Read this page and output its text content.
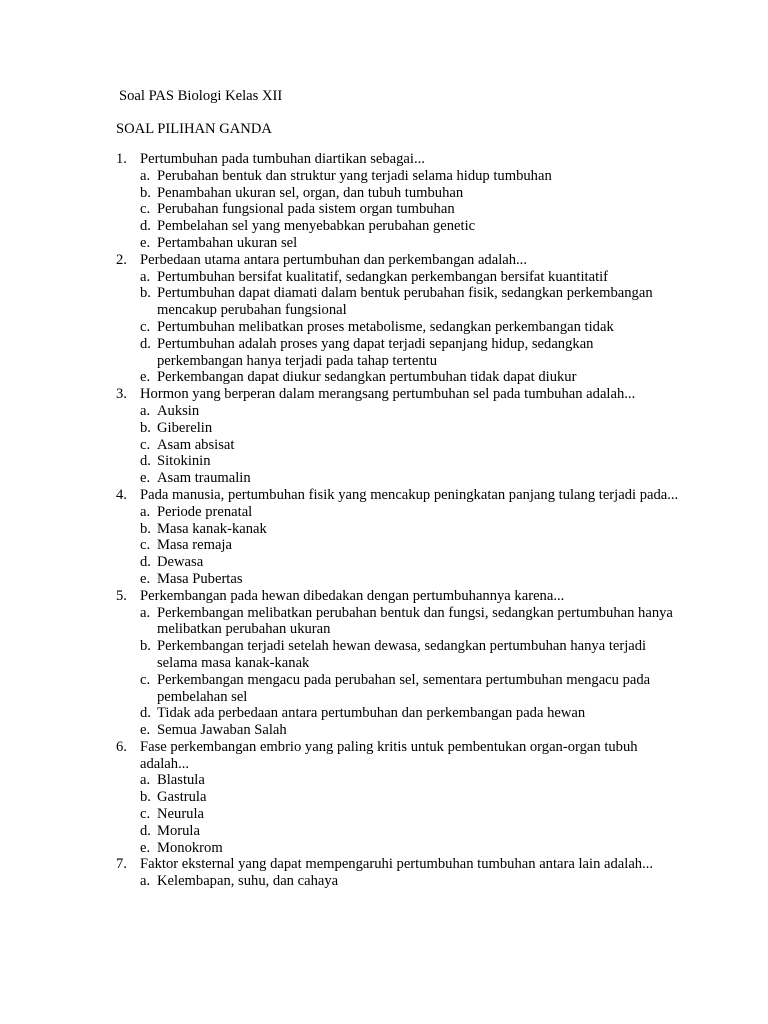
Soal PAS Biologi Kelas XII
SOAL PILIHAN GANDA
1. Pertumbuhan pada tumbuhan diartikan sebagai...
a. Perubahan bentuk dan struktur yang terjadi selama hidup tumbuhan
b. Penambahan ukuran sel, organ, dan tubuh tumbuhan
c. Perubahan fungsional pada sistem organ tumbuhan
d. Pembelahan sel yang menyebabkan perubahan genetic
e. Pertambahan ukuran sel
2. Perbedaan utama antara pertumbuhan dan perkembangan adalah...
a. Pertumbuhan bersifat kualitatif, sedangkan perkembangan bersifat kuantitatif
b. Pertumbuhan dapat diamati dalam bentuk perubahan fisik, sedangkan perkembangan mencakup perubahan fungsional
c. Pertumbuhan melibatkan proses metabolisme, sedangkan perkembangan tidak
d. Pertumbuhan adalah proses yang dapat terjadi sepanjang hidup, sedangkan perkembangan hanya terjadi pada tahap tertentu
e. Perkembangan dapat diukur sedangkan pertumbuhan tidak dapat diukur
3. Hormon yang berperan dalam merangsang pertumbuhan sel pada tumbuhan adalah...
a. Auksin
b. Giberelin
c. Asam absisat
d. Sitokinin
e. Asam traumalin
4. Pada manusia, pertumbuhan fisik yang mencakup peningkatan panjang tulang terjadi pada...
a. Periode prenatal
b. Masa kanak-kanak
c. Masa remaja
d. Dewasa
e. Masa Pubertas
5. Perkembangan pada hewan dibedakan dengan pertumbuhannya karena...
a. Perkembangan melibatkan perubahan bentuk dan fungsi, sedangkan pertumbuhan hanya melibatkan perubahan ukuran
b. Perkembangan terjadi setelah hewan dewasa, sedangkan pertumbuhan hanya terjadi selama masa kanak-kanak
c. Perkembangan mengacu pada perubahan sel, sementara pertumbuhan mengacu pada pembelahan sel
d. Tidak ada perbedaan antara pertumbuhan dan perkembangan pada hewan
e. Semua Jawaban Salah
6. Fase perkembangan embrio yang paling kritis untuk pembentukan organ-organ tubuh adalah...
a. Blastula
b. Gastrula
c. Neurula
d. Morula
e. Monokrom
7. Faktor eksternal yang dapat mempengaruhi pertumbuhan tumbuhan antara lain adalah...
a. Kelembapan, suhu, dan cahaya
